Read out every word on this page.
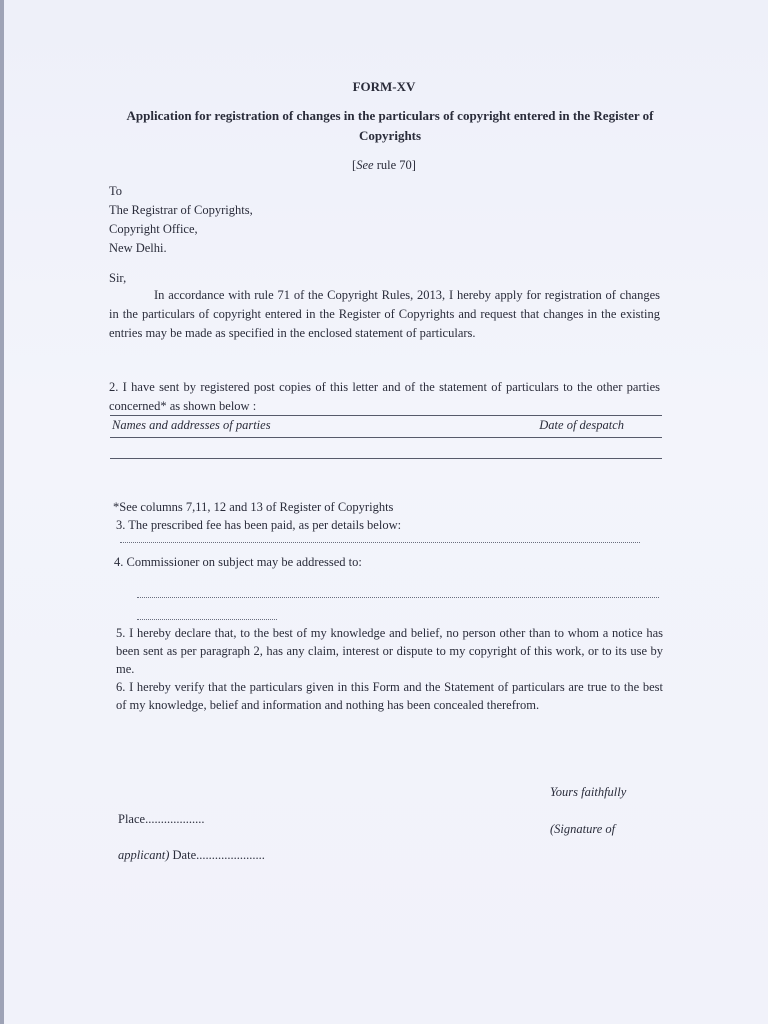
FORM-XV

Application for registration of changes in the particulars of copyright entered in the Register of Copyrights

[See rule 70]

To
The Registrar of Copyrights,
Copyright Office,
New Delhi.

Sir,

In accordance with rule 71 of the Copyright Rules, 2013, I hereby apply for registration of changes in the particulars of copyright entered in the Register of Copyrights and request that changes in the existing entries may be made as specified in the enclosed statement of particulars.

2. I have sent by registered post copies of this letter and of the statement of particulars to the other parties concerned* as shown below :

Names and addresses of parties	Date of despatch

*See columns 7,11, 12 and 13 of Register of Copyrights

3. The prescribed fee has been paid, as per details below:

4. Commissioner on subject may be addressed to:

5. I hereby declare that, to the best of my knowledge and belief, no person other than to whom a notice has been sent as per paragraph 2, has any claim, interest or dispute to my copyright of this work, or to its use by me.
6. I hereby verify that the particulars given in this Form and the Statement of particulars are true to the best of my knowledge, belief and information and nothing has been concealed therefrom.

Yours faithfully

Place...................

(Signature of

applicant) Date......................
